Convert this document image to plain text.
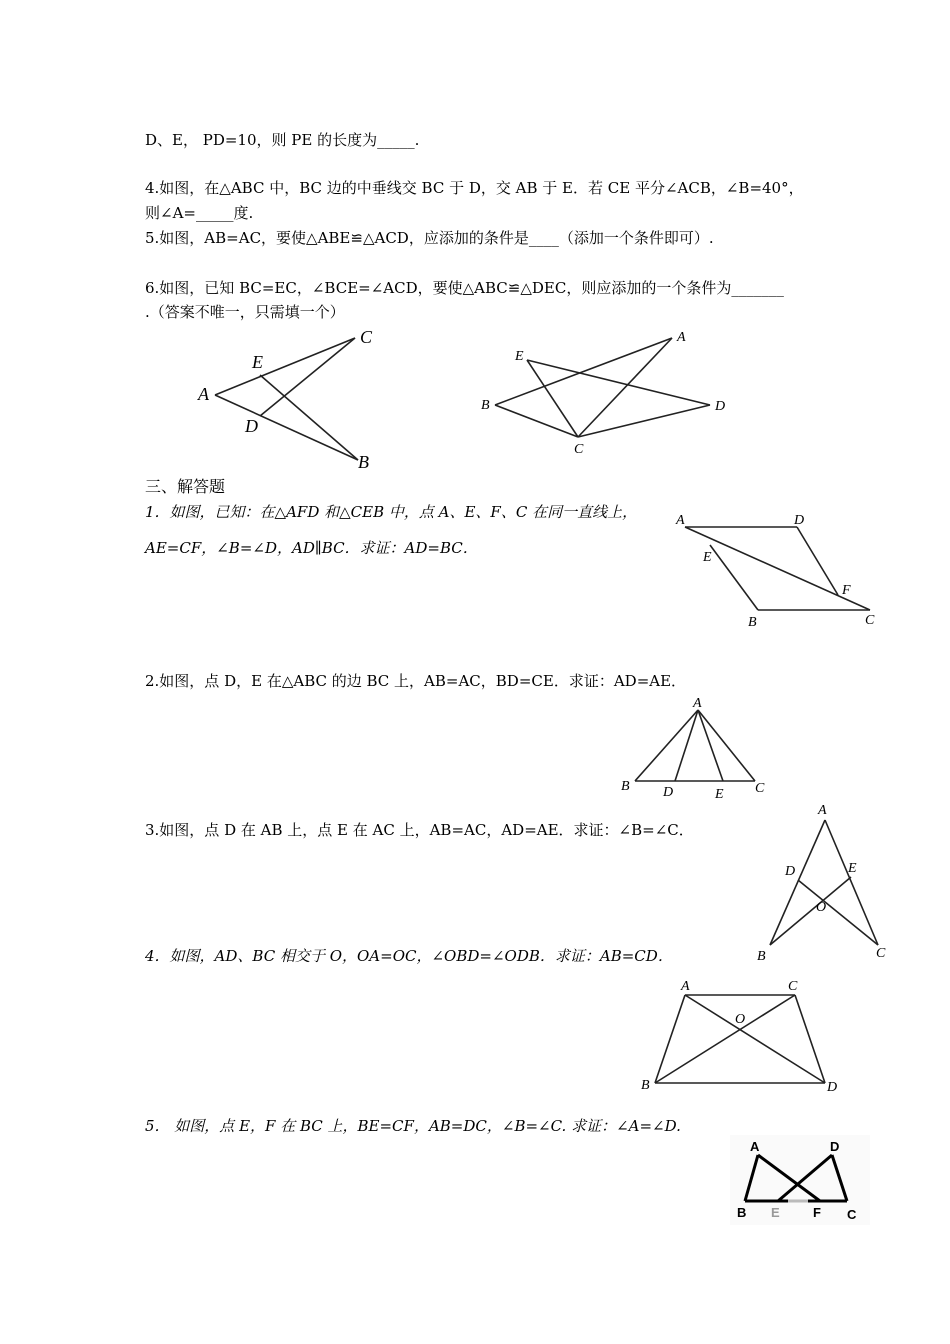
D、E， PD=10，则 PE 的长度为_____.
4.如图，在△ABC 中，BC 边的中垂线交 BC 于 D，交 AB 于 E．若 CE 平分∠ACB，∠B=40°，
则∠A=_____度.
5.如图，AB=AC，要使△ABE≌△ACD，应添加的条件是____（添加一个条件即可）.
6.如图，已知 BC=EC，∠BCE=∠ACD，要使△ABC≌△DEC，则应添加的一个条件为_______
.（答案不唯一，只需填一个）
A
E
C
D
B
E
A
B	D
C
三、解答题
1．如图，已知：在△AFD 和△CEB 中，点 A、E、F、C 在同一直线上，
AE=CF，∠B=∠D，AD∥BC．求证：AD=BC．
A	D
E
F
B	C
2.如图，点 D，E 在△ABC 的边 BC 上，AB=AC，BD=CE．求证：AD=AE．
A
B D	E C
3.如图，点 D 在 AB 上，点 E 在 AC 上，AB=AC，AD=AE．求证：∠B=∠C．
A
D	E
O
B	C
4．如图，AD、BC 相交于 O，OA=OC，∠OBD=∠ODB．求证：AB=CD．
A	C
O
B	D
5． 如图，点 E，F 在 BC 上，BE=CF，AB=DC，∠B=∠C. 求证：∠A=∠D.
A	D
B E	F C
